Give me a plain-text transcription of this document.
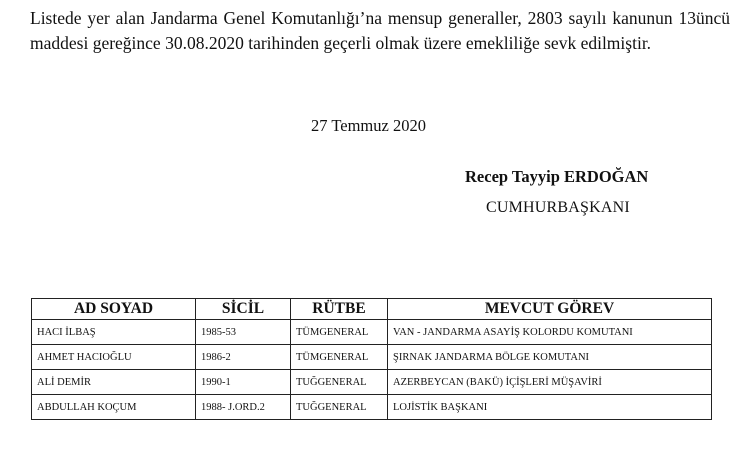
Listede yer alan Jandarma Genel Komutanlığı’na mensup generaller, 2803 sayılı kanunun 13üncü maddesi gereğince 30.08.2020 tarihinden geçerli olmak üzere emekliliğe sevk edilmiştir.

27 Temmuz 2020
Recep Tayyip ERDOĞAN
CUMHURBAŞKANI
AD SOYAD	SİCİL	RÜTBE	MEVCUT GÖREV
HACI İLBAŞ	1985-53	TÜMGENERAL	VAN - JANDARMA ASAYİŞ KOLORDU KOMUTANI
AHMET HACIOĞLU	1986-2	TÜMGENERAL	ŞIRNAK JANDARMA BÖLGE KOMUTANI
ALİ DEMİR	1990-1	TUĞGENERAL	AZERBEYCAN (BAKÜ) İÇİŞLERİ MÜŞAVİRİ
ABDULLAH KOÇUM	1988- J.ORD.2	TUĞGENERAL	LOJİSTİK BAŞKANI
